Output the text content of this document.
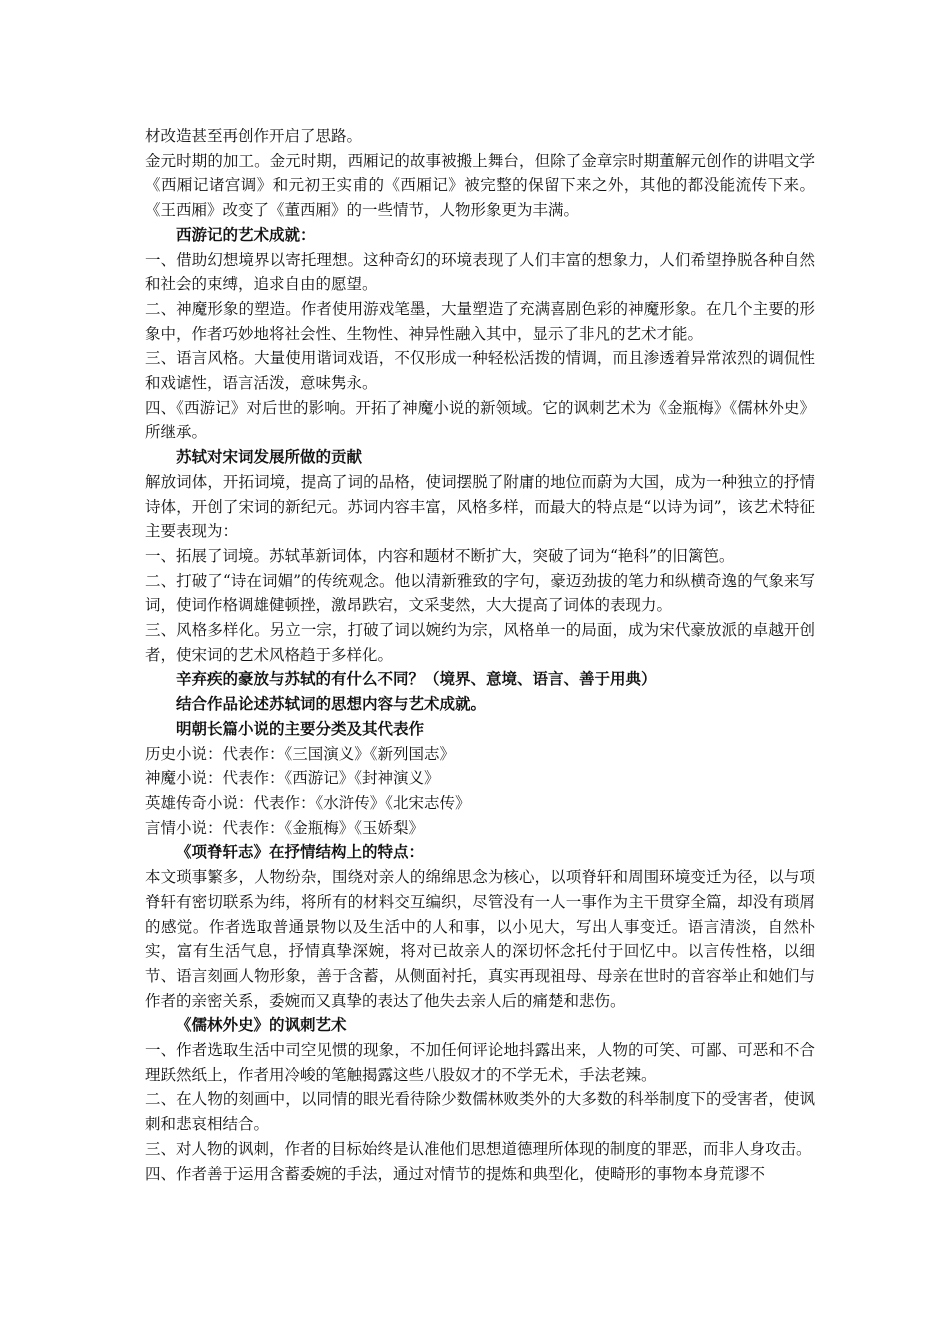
材改造甚至再创作开启了思路。

金元时期的加工。金元时期，西厢记的故事被搬上舞台，但除了金章宗时期董解元创作的讲唱文学《西厢记诸宫调》和元初王实甫的《西厢记》被完整的保留下来之外，其他的都没能流传下来。《王西厢》改变了《董西厢》的一些情节，人物形象更为丰满。

西游记的艺术成就：

一、借助幻想境界以寄托理想。这种奇幻的环境表现了人们丰富的想象力，人们希望挣脱各种自然和社会的束缚，追求自由的愿望。

二、神魔形象的塑造。作者使用游戏笔墨，大量塑造了充满喜剧色彩的神魔形象。在几个主要的形象中，作者巧妙地将社会性、生物性、神异性融入其中，显示了非凡的艺术才能。

三、语言风格。大量使用谐词戏语，不仅形成一种轻松活拨的情调，而且渗透着异常浓烈的调侃性和戏谑性，语言活泼，意味隽永。

四、《西游记》对后世的影响。开拓了神魔小说的新领域。它的讽刺艺术为《金瓶梅》《儒林外史》所继承。

苏轼对宋词发展所做的贡献

解放词体，开拓词境，提高了词的品格，使词摆脱了附庸的地位而蔚为大国，成为一种独立的抒情诗体，开创了宋词的新纪元。苏词内容丰富，风格多样，而最大的特点是“以诗为词”，该艺术特征主要表现为：

一、拓展了词境。苏轼革新词体，内容和题材不断扩大，突破了词为“艳科”的旧篱笆。

二、打破了“诗在词媚”的传统观念。他以清新雅致的字句，豪迈劲拔的笔力和纵横奇逸的气象来写词，使词作格调雄健顿挫，激昂跌宕，文采斐然，大大提高了词体的表现力。

三、风格多样化。另立一宗，打破了词以婉约为宗，风格单一的局面，成为宋代豪放派的卓越开创者，使宋词的艺术风格趋于多样化。

辛弃疾的豪放与苏轼的有什么不同？（境界、意境、语言、善于用典）

结合作品论述苏轼词的思想内容与艺术成就。

明朝长篇小说的主要分类及其代表作

历史小说：代表作：《三国演义》《新列国志》

神魔小说：代表作：《西游记》《封神演义》

英雄传奇小说：代表作：《水浒传》《北宋志传》

言情小说：代表作：《金瓶梅》《玉娇梨》

《项脊轩志》在抒情结构上的特点：

本文琐事繁多，人物纷杂，围绕对亲人的绵绵思念为核心，以项脊轩和周围环境变迁为径，以与项脊轩有密切联系为纬，将所有的材料交互编织，尽管没有一人一事作为主干贯穿全篇，却没有琐屑的感觉。作者选取普通景物以及生活中的人和事，以小见大，写出人事变迁。语言清淡，自然朴实，富有生活气息，抒情真挚深婉，将对已故亲人的深切怀念托付于回忆中。以言传性格，以细节、语言刻画人物形象，善于含蓄，从侧面衬托，真实再现祖母、母亲在世时的音容举止和她们与作者的亲密关系，委婉而又真挚的表达了他失去亲人后的痛楚和悲伤。

《儒林外史》的讽刺艺术

一、作者选取生活中司空见惯的现象，不加任何评论地抖露出来，人物的可笑、可鄙、可恶和不合理跃然纸上，作者用冷峻的笔触揭露这些八股奴才的不学无术，手法老辣。

二、在人物的刻画中，以同情的眼光看待除少数儒林败类外的大多数的科举制度下的受害者，使讽刺和悲哀相结合。

三、对人物的讽刺，作者的目标始终是认准他们思想道德理所体现的制度的罪恶，而非人身攻击。

四、作者善于运用含蓄委婉的手法，通过对情节的提炼和典型化，使畸形的事物本身荒谬不
